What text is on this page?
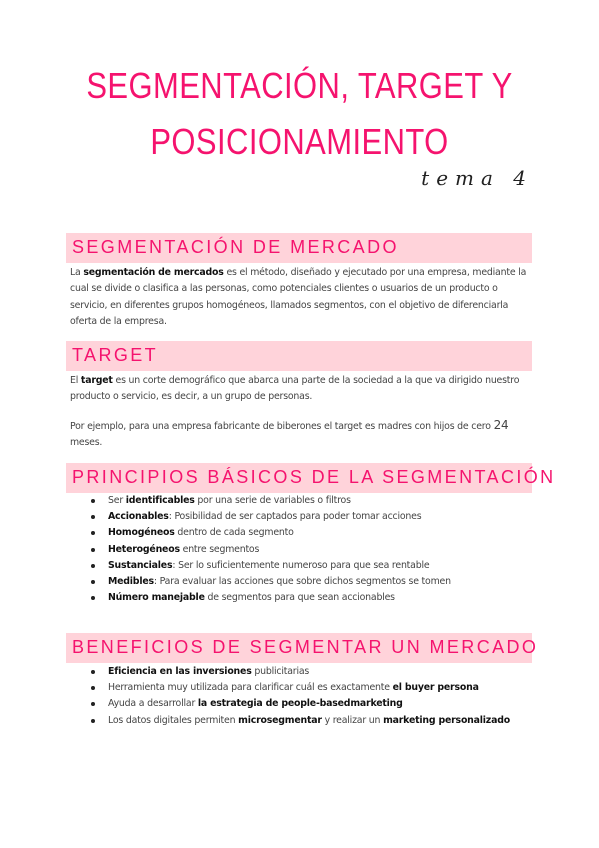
SEGMENTACIÓN, TARGET Y
POSICIONAMIENTO
tema 4
SEGMENTACIÓN DE MERCADO
La segmentación de mercados es el método, diseñado y ejecutado por una empresa, mediante la cual se divide o clasifica a las personas, como potenciales clientes o usuarios de un producto o servicio, en diferentes grupos homogéneos, llamados segmentos, con el objetivo de diferenciarla oferta de la empresa.
TARGET
El target es un corte demográfico que abarca una parte de la sociedad a la que va dirigido nuestro producto o servicio, es decir, a un grupo de personas.
Por ejemplo, para una empresa fabricante de biberones el target es madres con hijos de cero 24 meses.
PRINCIPIOS BÁSICOS DE LA SEGMENTACIÓN
Ser identificables por una serie de variables o filtros
Accionables: Posibilidad de ser captados para poder tomar acciones
Homogéneos dentro de cada segmento
Heterogéneos entre segmentos
Sustanciales: Ser lo suficientemente numeroso para que sea rentable
Medibles: Para evaluar las acciones que sobre dichos segmentos se tomen
Número manejable de segmentos para que sean accionables
BENEFICIOS DE SEGMENTAR UN MERCADO
Eficiencia en las inversiones publicitarias
Herramienta muy utilizada para clarificar cuál es exactamente el buyer persona
Ayuda a desarrollar la estrategia de people-basedmarketing
Los datos digitales permiten microsegmentar y realizar un marketing personalizado
